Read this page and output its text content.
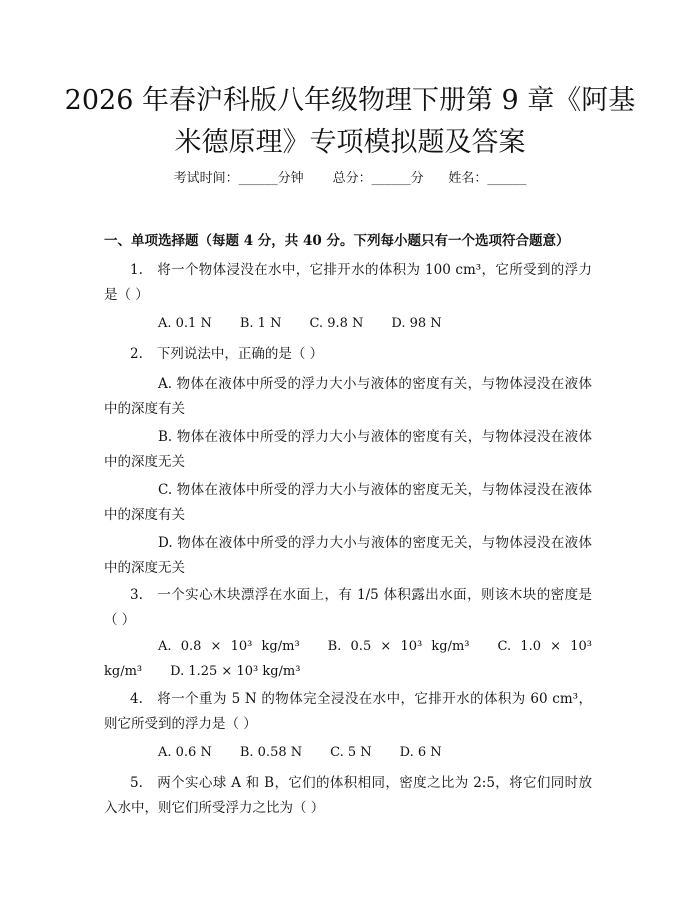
2026 年春沪科版八年级物理下册第 9 章《阿基米德原理》专项模拟题及答案
考试时间：______分钟 总分：______分 姓名：______
一、单项选择题（每题 4 分，共 40 分。下列每小题只有一个选项符合题意）

1. 将一个物体浸没在水中，它排开水的体积为 100 cm³，它所受到的浮力是（ ）

A. 0.1 N B. 1 N C. 9.8 N D. 98 N

2. 下列说法中，正确的是（ ）

A. 物体在液体中所受的浮力大小与液体的密度有关，与物体浸没在液体中的深度有关

B. 物体在液体中所受的浮力大小与液体的密度有关，与物体浸没在液体中的深度无关

C. 物体在液体中所受的浮力大小与液体的密度无关，与物体浸没在液体中的深度有关

D. 物体在液体中所受的浮力大小与液体的密度无关，与物体浸没在液体中的深度无关

3. 一个实心木块漂浮在水面上，有 1/5 体积露出水面，则该木块的密度是（ ）

A. 0.8 × 10³ kg/m³ B. 0.5 × 10³ kg/m³ C. 1.0 × 10³ kg/m³ D. 1.25 × 10³ kg/m³

4. 将一个重为 5 N 的物体完全浸没在水中，它排开水的体积为 60 cm³，则它所受到的浮力是（ ）

A. 0.6 N B. 0.58 N C. 5 N D. 6 N

5. 两个实心球 A 和 B，它们的体积相同，密度之比为 2:5，将它们同时放入水中，则它们所受浮力之比为（ ）
